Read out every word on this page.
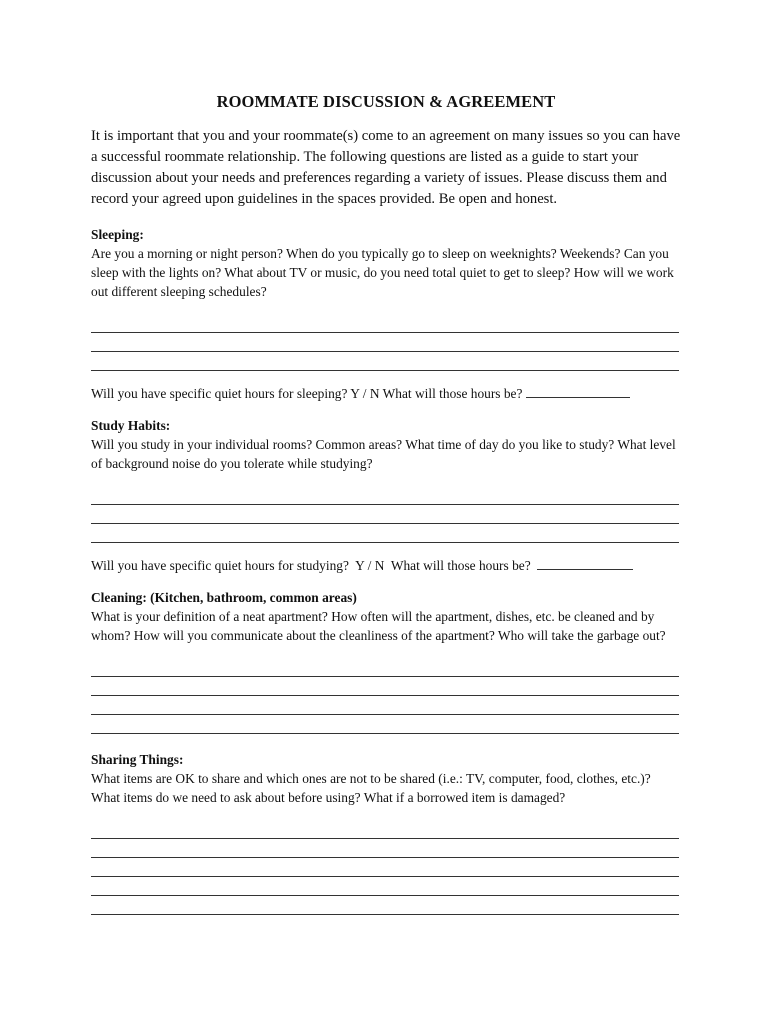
ROOMMATE DISCUSSION & AGREEMENT
It is important that you and your roommate(s) come to an agreement on many issues so you can have a successful roommate relationship. The following questions are listed as a guide to start your discussion about your needs and preferences regarding a variety of issues. Please discuss them and record your agreed upon guidelines in the spaces provided. Be open and honest.
Sleeping:
Are you a morning or night person? When do you typically go to sleep on weeknights? Weekends? Can you sleep with the lights on? What about TV or music, do you need total quiet to get to sleep? How will we work out different sleeping schedules?
Will you have specific quiet hours for sleeping? Y / N What will those hours be?
Study Habits:
Will you study in your individual rooms? Common areas? What time of day do you like to study? What level of background noise do you tolerate while studying?
Will you have specific quiet hours for studying?  Y / N  What will those hours be?
Cleaning: (Kitchen, bathroom, common areas)
What is your definition of a neat apartment? How often will the apartment, dishes, etc. be cleaned and by whom? How will you communicate about the cleanliness of the apartment? Who will take the garbage out?
Sharing Things:
What items are OK to share and which ones are not to be shared (i.e.: TV, computer, food, clothes, etc.)? What items do we need to ask about before using? What if a borrowed item is damaged?
